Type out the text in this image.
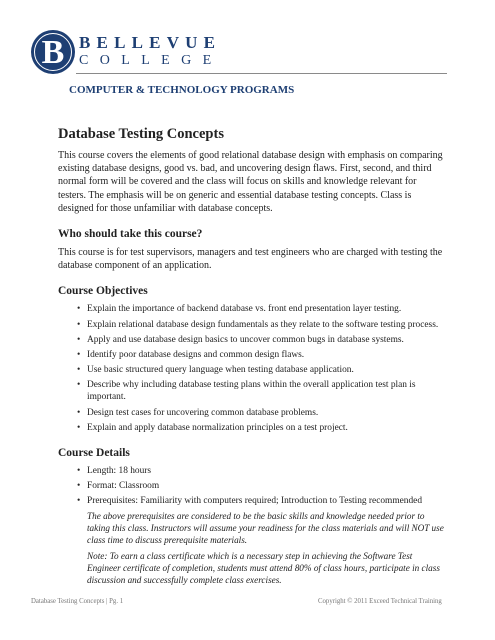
B BELLEVUE
COLLEGE
COMPUTER & TECHNOLOGY PROGRAMS
Database Testing Concepts

This course covers the elements of good relational database design with emphasis on comparing existing database designs, good vs. bad, and uncovering design flaws. First, second, and third normal form will be covered and the class will focus on skills and knowledge relevant for testers. The emphasis will be on generic and essential database testing concepts. Class is designed for those unfamiliar with database concepts.

Who should take this course?

This course is for test supervisors, managers and test engineers who are charged with testing the database component of an application.

Course Objectives
• Explain the importance of backend database vs. front end presentation layer testing.
• Explain relational database design fundamentals as they relate to the software testing process.
• Apply and use database design basics to uncover common bugs in database systems.
• Identify poor database designs and common design flaws.
• Use basic structured query language when testing database application.
• Describe why including database testing plans within the overall application test plan is important.
• Design test cases for uncovering common database problems.
• Explain and apply database normalization principles on a test project.
Course Details
• Length: 18 hours
• Format: Classroom
• Prerequisites: Familiarity with computers required; Introduction to Testing recommended

The above prerequisites are considered to be the basic skills and knowledge needed prior to taking this class. Instructors will assume your readiness for the class materials and will NOT use class time to discuss prerequisite materials.

Note: To earn a class certificate which is a necessary step in achieving the Software Test Engineer certificate of completion, students must attend 80% of class hours, participate in class discussion and successfully complete class exercises.

Database Testing Concepts | Pg. 1	Copyright © 2011 Exceed Technical Training
